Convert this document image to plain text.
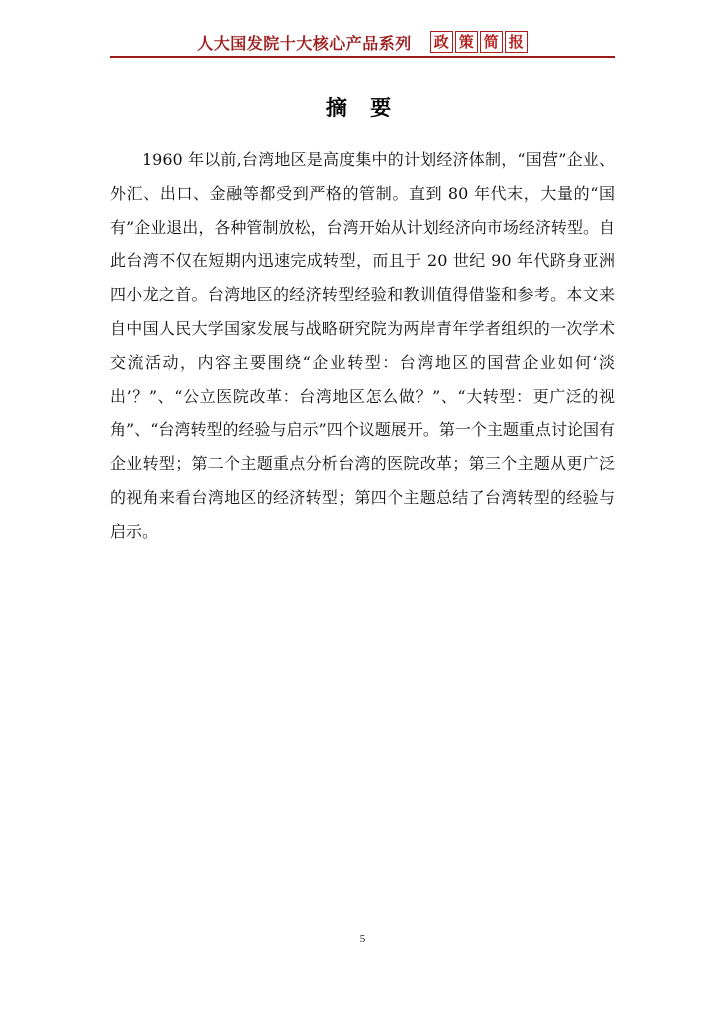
人大国发院十大核心产品系列 政 策 简 报
摘 要

1960 年以前,台湾地区是高度集中的计划经济体制，“国营”企业、外汇、出口、金融等都受到严格的管制。直到 80 年代末，大量的“国有”企业退出，各种管制放松，台湾开始从计划经济向市场经济转型。自此台湾不仅在短期内迅速完成转型，而且于 20 世纪 90 年代跻身亚洲四小龙之首。台湾地区的经济转型经验和教训值得借鉴和参考。本文来自中国人民大学国家发展与战略研究院为两岸青年学者组织的一次学术交流活动，内容主要围绕“企业转型：台湾地区的国营企业如何‘淡出’？”、“公立医院改革：台湾地区怎么做？”、“大转型：更广泛的视角”、“台湾转型的经验与启示”四个议题展开。第一个主题重点讨论国有企业转型；第二个主题重点分析台湾的医院改革；第三个主题从更广泛的视角来看台湾地区的经济转型；第四个主题总结了台湾转型的经验与启示。

5
